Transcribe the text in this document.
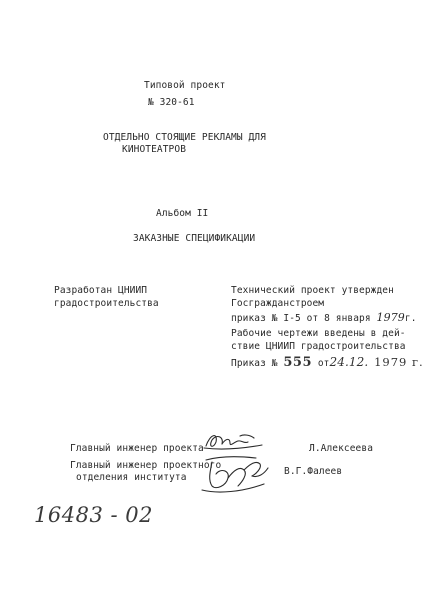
Типовой проект
№ 320-61
ОТДЕЛЬНО СТОЯЩИЕ РЕКЛАМЫ ДЛЯ
КИНОТЕАТРОВ
Альбом II
ЗАКАЗНЫЕ СПЕЦИФИКАЦИИ
Разработан ЦНИИП
градостроительства
Технический проект утвержден
Госгражданстроем
приказ № I-5 от 8 января 1979г.
Рабочие чертежи введены в дей-
ствие ЦНИИП градостроительства
Приказ № 555 от24.12. 1979 г.
Главный инженер проекта	Л.Алексеева
Главный инженер проектного
отделения института
В.Г.Фалеев
16483 - 02
